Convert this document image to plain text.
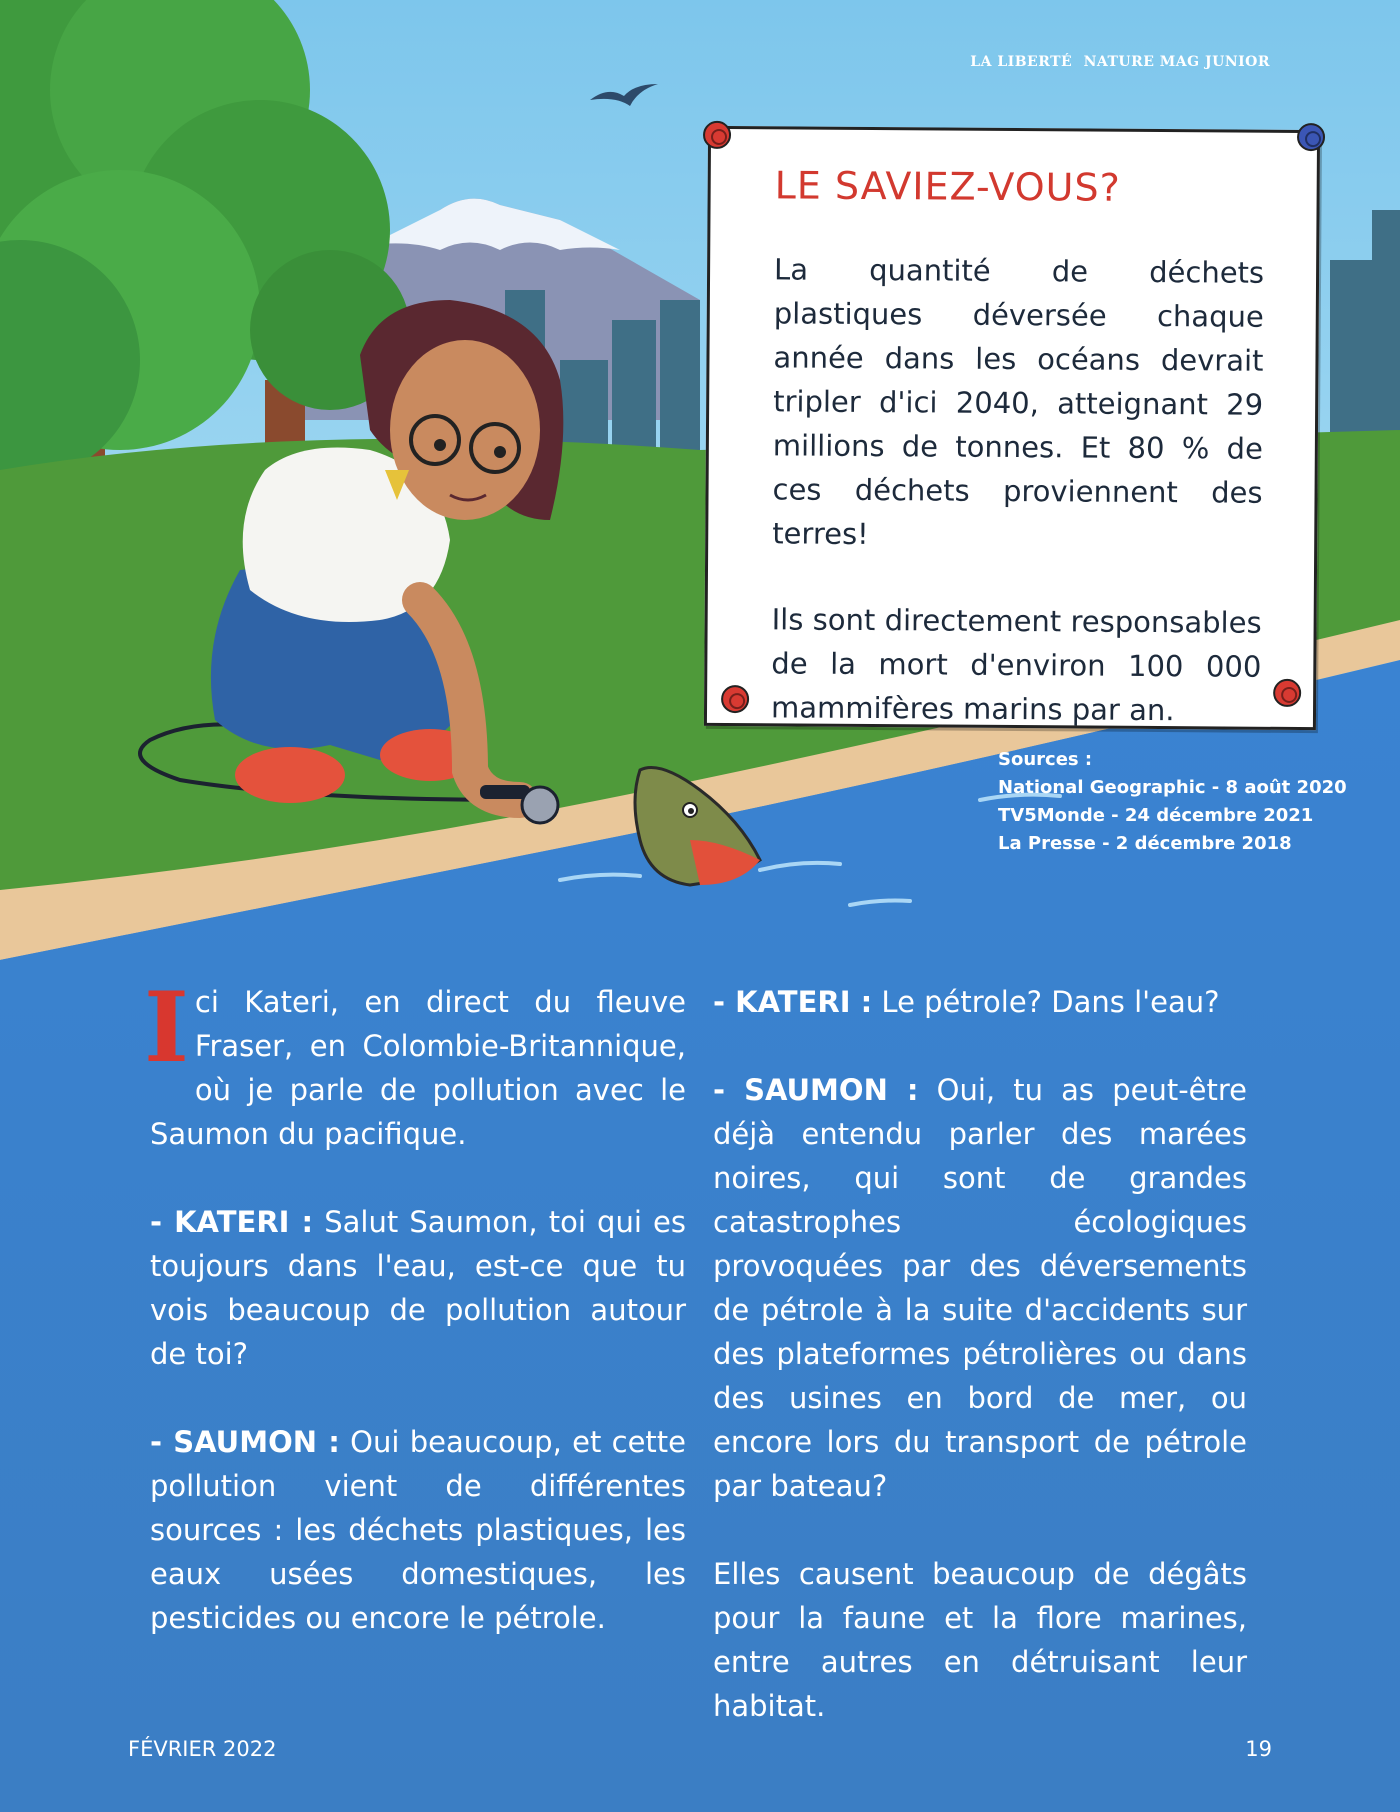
LA LIBERTÉ NATURE MAG JUNIOR
LE SAVIEZ-VOUS?

La quantité de déchets plastiques déversée chaque année dans les océans devrait tripler d'ici 2040, atteignant 29 millions de tonnes. Et 80 % de ces déchets proviennent des terres!

Ils sont directement responsables de la mort d'environ 100 000 mammifères marins par an.

Sources :
National Geographic - 8 août 2020
TV5Monde - 24 décembre 2021
La Presse - 2 décembre 2018

Ici Kateri, en direct du fleuve Fraser, en Colombie-Britannique, où je parle de pollution avec le Saumon du pacifique.

- KATERI : Salut Saumon, toi qui es toujours dans l'eau, est-ce que tu vois beaucoup de pollution autour de toi?

- SAUMON : Oui beaucoup, et cette pollution vient de différentes sources : les déchets plastiques, les eaux usées domestiques, les pesticides ou encore le pétrole.

- KATERI : Le pétrole? Dans l'eau?

- SAUMON : Oui, tu as peut-être déjà entendu parler des marées noires, qui sont de grandes catastrophes écologiques provoquées par des déversements de pétrole à la suite d'accidents sur des plateformes pétrolières ou dans des usines en bord de mer, ou encore lors du transport de pétrole par bateau?

Elles causent beaucoup de dégâts pour la faune et la flore marines, entre autres en détruisant leur habitat.

FÉVRIER 2022	19
